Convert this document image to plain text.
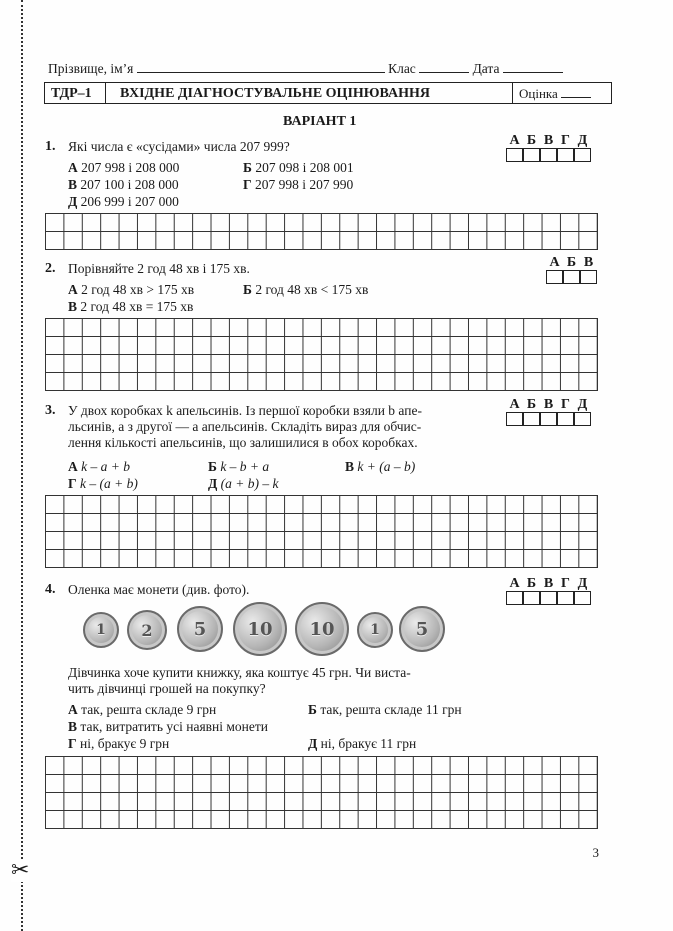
✂
Прізвище, ім’я	Клас	Дата
ТДР–1	ВХІДНЕ ДІАГНОСТУВАЛЬНЕ ОЦІНЮВАННЯ	Оцінка
ВАРІАНТ 1
1. Які числа є «сусідами» числа 207 999?	А Б В Г Д
А 207 998 і 208 000	Б 207 098 і 208 001
В 207 100 і 208 000	Г 207 998 і 207 990
Д 206 999 і 207 000
2. Порівняйте 2 год 48 хв і 175 хв.	А Б В
А 2 год 48 хв > 175 хв	Б 2 год 48 хв < 175 хв
В 2 год 48 хв = 175 хв
3. У двох коробках k апельсинів. Із першої коробки взяли b апе-
льсинів, а з другої — a апельсинів. Складіть вираз для обчис-
лення кількості апельсинів, що залишилися в обох коробках.
А Б В Г Д
А k – a + b	Б k – b + a	В k + (a – b)
Г k – (a + b)	Д (a + b) – k
4. Оленка має монети (див. фото).	А Б В Г Д
1 2 5 10 10	1 5
Дівчинка хоче купити книжку, яка коштує 45 грн. Чи виста-
чить дівчинці грошей на покупку?
А так, решта складе 9 грн	Б так, решта складе 11 грн
В так, витратить усі наявні монети
Г ні, бракує 9 грн	Д ні, бракує 11 грн
3
